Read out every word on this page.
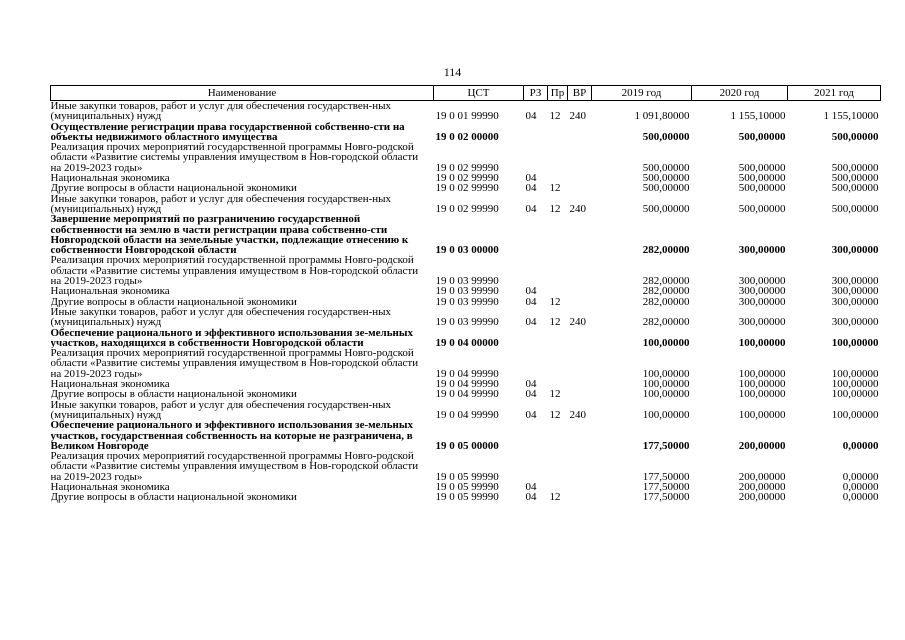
114
Наименование	ЦСТ	РЗ	Пр	ВР	2019 год	2020 год	2021 год
Иные закупки товаров, работ и услуг для обеспечения государствен-ных (муниципальных) нужд	19 0 01 99990	04	12	240	1 091,80000	1 155,10000	1 155,10000
Осуществление регистрации права государственной собственно-сти на объекты недвижимого областного имущества	19 0 02 00000				500,00000	500,00000	500,00000
Реализация прочих мероприятий государственной программы Новго-родской области «Развитие системы управления имуществом в Нов-городской области на 2019-2023 годы»	19 0 02 99990				500,00000	500,00000	500,00000
Национальная экономика	19 0 02 99990	04			500,00000	500,00000	500,00000
Другие вопросы в области национальной экономики	19 0 02 99990	04	12		500,00000	500,00000	500,00000
Иные закупки товаров, работ и услуг для обеспечения государствен-ных (муниципальных) нужд	19 0 02 99990	04	12	240	500,00000	500,00000	500,00000
Завершение мероприятий по разграничению государственной собственности на землю в части регистрации права собственно-сти Новгородской области на земельные участки, подлежащие отнесению к собственности Новгородской области	19 0 03 00000				282,00000	300,00000	300,00000
Реализация прочих мероприятий государственной программы Новго-родской области «Развитие системы управления имуществом в Нов-городской области на 2019-2023 годы»	19 0 03 99990				282,00000	300,00000	300,00000
Национальная экономика	19 0 03 99990	04			282,00000	300,00000	300,00000
Другие вопросы в области национальной экономики	19 0 03 99990	04	12		282,00000	300,00000	300,00000
Иные закупки товаров, работ и услуг для обеспечения государствен-ных (муниципальных) нужд	19 0 03 99990	04	12	240	282,00000	300,00000	300,00000
Обеспечение рационального и эффективного использования зе-мельных участков, находящихся в собственности Новгородской области	19 0 04 00000				100,00000	100,00000	100,00000
Реализация прочих мероприятий государственной программы Новго-родской области «Развитие системы управления имуществом в Нов-городской области на 2019-2023 годы»	19 0 04 99990				100,00000	100,00000	100,00000
Национальная экономика	19 0 04 99990	04			100,00000	100,00000	100,00000
Другие вопросы в области национальной экономики	19 0 04 99990	04	12		100,00000	100,00000	100,00000
Иные закупки товаров, работ и услуг для обеспечения государствен-ных (муниципальных) нужд	19 0 04 99990	04	12	240	100,00000	100,00000	100,00000
Обеспечение рационального и эффективного использования зе-мельных участков, государственная собственность на которые не разграничена, в Великом Новгороде	19 0 05 00000				177,50000	200,00000	0,00000
Реализация прочих мероприятий государственной программы Новго-родской области «Развитие системы управления имуществом в Нов-городской области на 2019-2023 годы»	19 0 05 99990				177,50000	200,00000	0,00000
Национальная экономика	19 0 05 99990	04			177,50000	200,00000	0,00000
Другие вопросы в области национальной экономики	19 0 05 99990	04	12		177,50000	200,00000	0,00000
